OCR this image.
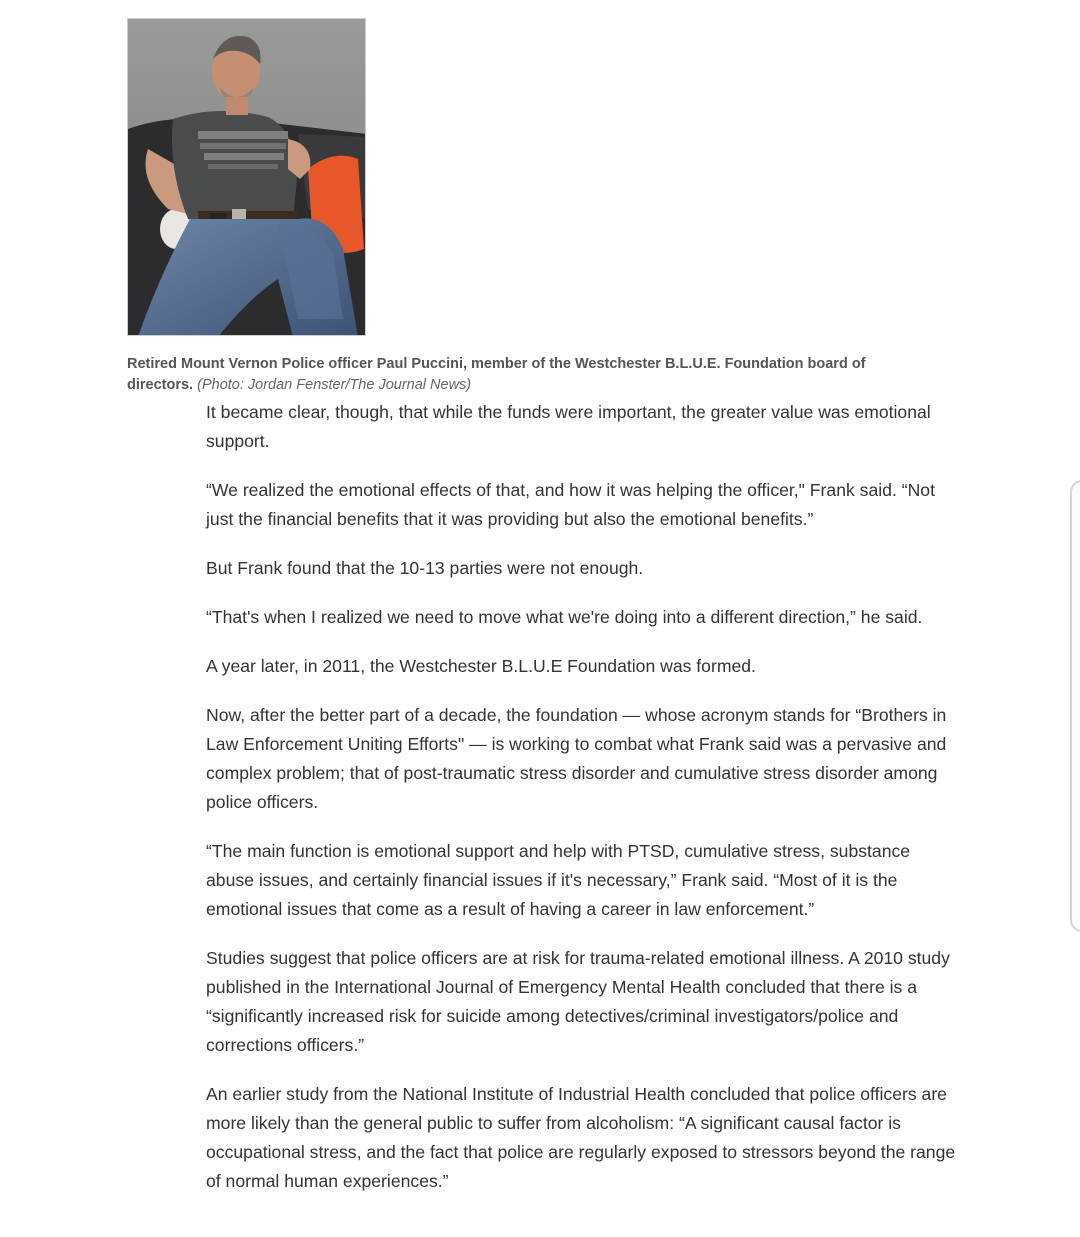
Retired Mount Vernon Police officer Paul Puccini, member of the Westchester B.L.U.E. Foundation board of directors. (Photo: Jordan Fenster/The Journal News)

It became clear, though, that while the funds were important, the greater value was emotional support.

“We realized the emotional effects of that, and how it was helping the officer," Frank said. “Not just the financial benefits that it was providing but also the emotional benefits.”

But Frank found that the 10-13 parties were not enough.

“That's when I realized we need to move what we're doing into a different direction,” he said.

A year later, in 2011, the Westchester B.L.U.E Foundation was formed.

Now, after the better part of a decade, the foundation — whose acronym stands for “Brothers in Law Enforcement Uniting Efforts" — is working to combat what Frank said was a pervasive and complex problem; that of post-traumatic stress disorder and cumulative stress disorder among police officers.

“The main function is emotional support and help with PTSD, cumulative stress, substance abuse issues, and certainly financial issues if it's necessary,” Frank said. “Most of it is the emotional issues that come as a result of having a career in law enforcement.”

Studies suggest that police officers are at risk for trauma-related emotional illness. A 2010 study published in the International Journal of Emergency Mental Health concluded that there is a “significantly increased risk for suicide among detectives/criminal investigators/police and corrections officers.”

An earlier study from the National Institute of Industrial Health concluded that police officers are more likely than the general public to suffer from alcoholism: “A significant causal factor is occupational stress, and the fact that police are regularly exposed to stressors beyond the range of normal human experiences.”
